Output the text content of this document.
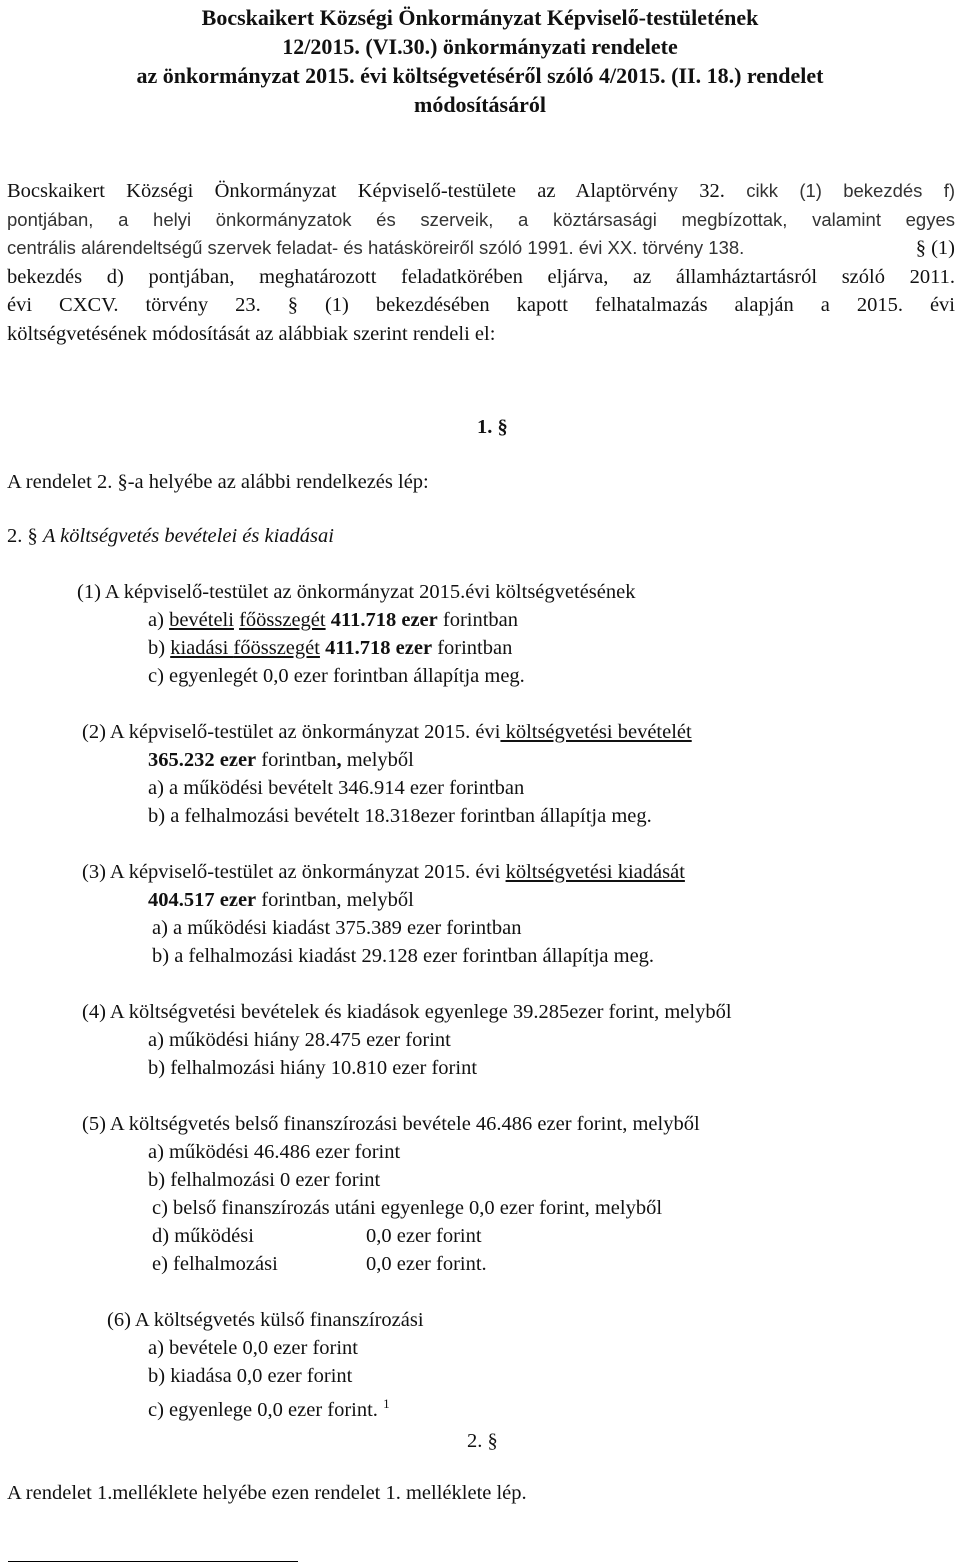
Bocskaikert Községi Önkormányzat Képviselő-testületének
12/2015. (VI.30.) önkormányzati rendelete
az önkormányzat 2015. évi költségvetéséről szóló 4/2015. (II. 18.) rendelet
módosításáról
Bocskaikert Községi Önkormányzat Képviselő-testülete az Alaptörvény 32. cikk (1) bekezdés f)
pontjában, a helyi önkormányzatok és szerveik, a köztársasági megbízottak, valamint egyes
centrális alárendeltségű szervek feladat- és hatásköreiről szóló 1991. évi XX. törvény 138.	§ (1)
bekezdés d) pontjában, meghatározott feladatkörében eljárva, az államháztartásról szóló 2011.
évi CXCV. törvény 23. § (1) bekezdésében kapott felhatalmazás alapján a 2015. évi
költségvetésének módosítását az alábbiak szerint rendeli el:
1. §
A rendelet 2. §-a helyébe az alábbi rendelkezés lép:
2. § A költségvetés bevételei és kiadásai
(1) A képviselő-testület az önkormányzat 2015.évi költségvetésének
a) bevételi főösszegét 411.718 ezer forintban
b) kiadási főösszegét 411.718 ezer forintban
c) egyenlegét 0,0 ezer forintban állapítja meg.
(2) A képviselő-testület az önkormányzat 2015. évi költségvetési bevételét
365.232 ezer forintban, melyből
a) a működési bevételt 346.914 ezer forintban
b) a felhalmozási bevételt 18.318ezer forintban állapítja meg.
(3) A képviselő-testület az önkormányzat 2015. évi költségvetési kiadását
404.517 ezer forintban, melyből
a) a működési kiadást 375.389 ezer forintban
b) a felhalmozási kiadást 29.128 ezer forintban állapítja meg.
(4) A költségvetési bevételek és kiadások egyenlege 39.285ezer forint, melyből
a) működési hiány 28.475 ezer forint
b) felhalmozási hiány 10.810 ezer forint
(5) A költségvetés belső finanszírozási bevétele 46.486 ezer forint, melyből
a) működési 46.486 ezer forint
b) felhalmozási 0 ezer forint
c) belső finanszírozás utáni egyenlege 0,0 ezer forint, melyből
d) működési	0,0 ezer forint
e) felhalmozási	0,0 ezer forint.
(6) A költségvetés külső finanszírozási
a) bevétele 0,0 ezer forint
b) kiadása 0,0 ezer forint
c) egyenlege 0,0 ezer forint. $^1$
2. §
A rendelet 1.melléklete helyébe ezen rendelet 1. melléklete lép.
